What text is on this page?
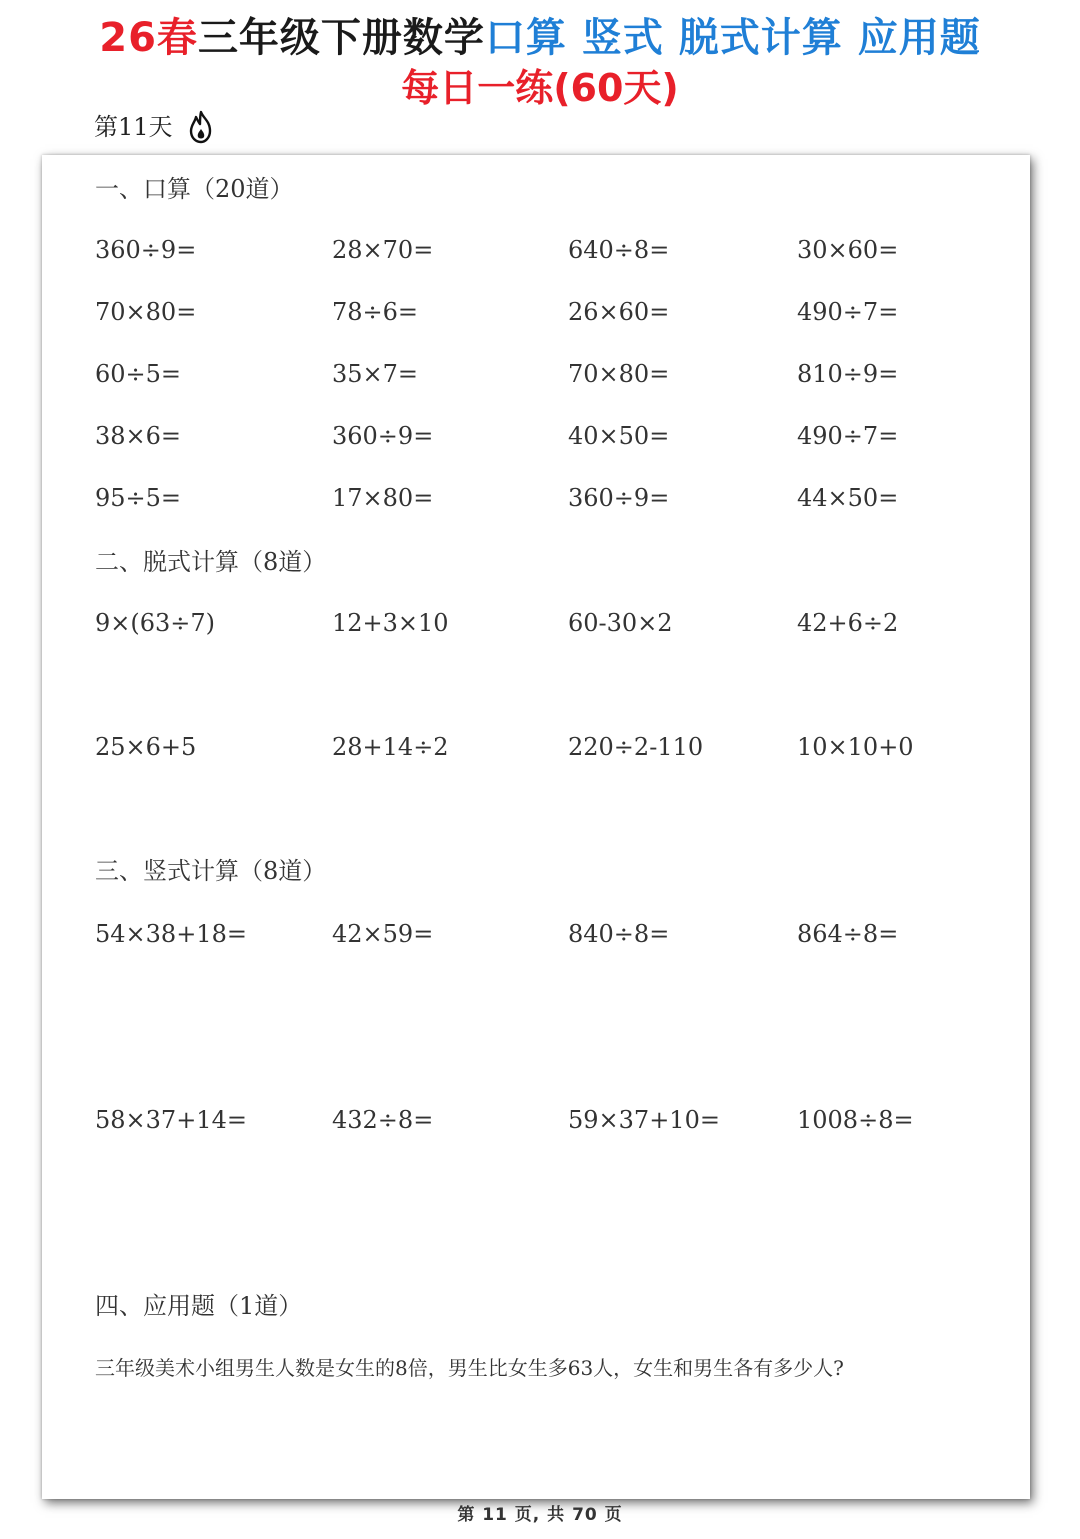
26春三年级下册数学口算 竖式 脱式计算 应用题
每日一练(60天)
第11天
一、口算（20道）
360÷9=	28×70=	640÷8=	30×60=
70×80=	78÷6=	26×60=	490÷7=
60÷5=	35×7=	70×80=	810÷9=
38×6=	360÷9=	40×50=	490÷7=
95÷5=	17×80=	360÷9=	44×50=
二、脱式计算（8道）
9×(63÷7)	12+3×10	60-30×2	42+6÷2
25×6+5	28+14÷2	220÷2-110	10×10+0
三、竖式计算（8道）
54×38+18=	42×59=	840÷8=	864÷8=
58×37+14=	432÷8=	59×37+10=	1008÷8=
四、应用题（1道）
三年级美术小组男生人数是女生的8倍，男生比女生多63人，女生和男生各有多少人?
第 11 页, 共 70 页
